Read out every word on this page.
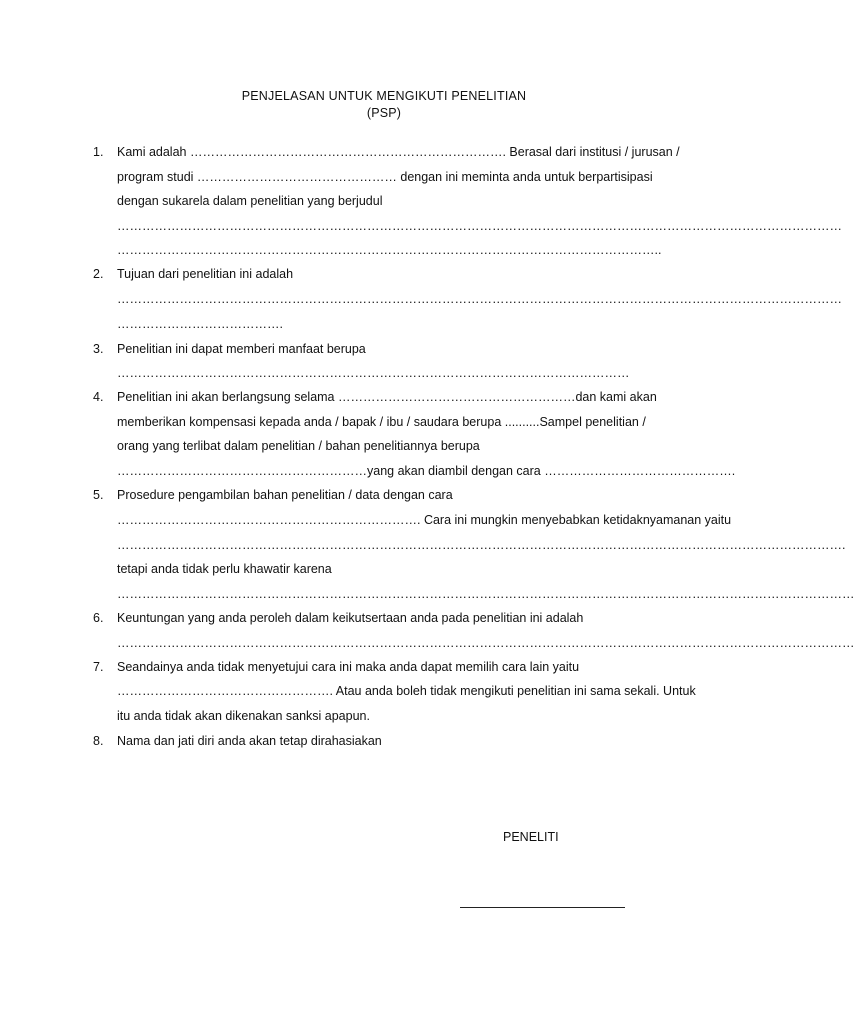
PENJELASAN UNTUK MENGIKUTI PENELITIAN
(PSP)
1. Kami adalah …………………………………………………………………. Berasal dari institusi / jurusan /
program studi ………………………………………… dengan ini meminta anda untuk berpartisipasi
dengan sukarela dalam penelitian yang berjudul
…………………………………………………………………………………………………………………………………………………………
…………………………………………………………………………………………………………………..
2. Tujuan dari penelitian ini adalah
…………………………………………………………………………………………………………………………………………………………
………………………………….
3. Penelitian ini dapat memberi manfaat berupa
……………………………………………………………………………………………………………
4. Penelitian ini akan berlangsung selama …………………………………………………dan kami akan
memberikan kompensasi kepada anda / bapak / ibu / saudara berupa ..........Sampel penelitian /
orang yang terlibat dalam penelitian / bahan penelitiannya berupa
……………………………………………………yang akan diambil dengan cara ……………………………………….
5. Prosedure pengambilan bahan penelitian / data dengan cara
………………………………………………………………. Cara ini mungkin menyebabkan ketidaknyamanan yaitu
………………………………………………………………………………………………………………………………………………………….
tetapi anda tidak perlu khawatir karena
……………………………………………………………………………………………………………………………………………………………
6. Keuntungan yang anda peroleh dalam keikutsertaan anda pada penelitian ini adalah
……………………………………………………………………………………………………………………………………………………………
7. Seandainya anda tidak menyetujui cara ini maka anda dapat memilih cara lain yaitu
……………………………………………. Atau anda boleh tidak mengikuti penelitian ini sama sekali. Untuk
itu anda tidak akan dikenakan sanksi apapun.
8. Nama dan jati diri anda akan tetap dirahasiakan
PENELITI
